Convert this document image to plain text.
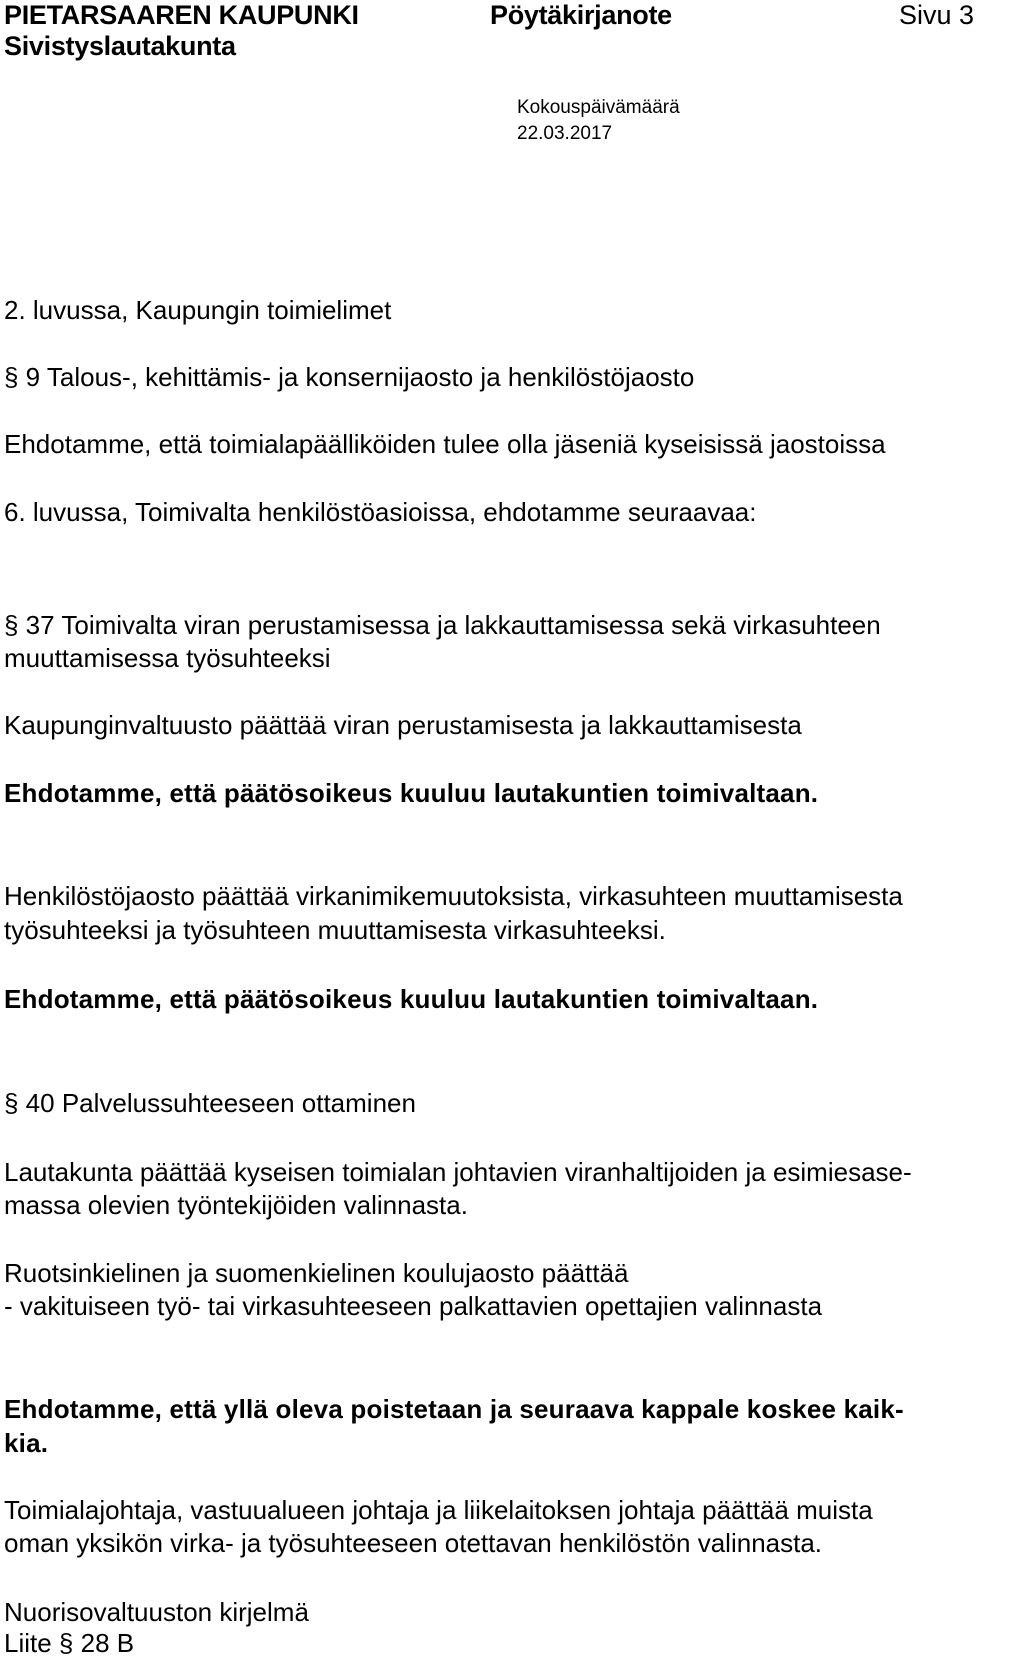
PIETARSAAREN KAUPUNKI
Sivistyslautakunta
Pöytäkirjanote	Sivu 3
Kokouspäivämäärä
22.03.2017
2. luvussa, Kaupungin toimielimet
§ 9 Talous-, kehittämis- ja konsernijaosto ja henkilöstöjaosto
Ehdotamme, että toimialapäälliköiden tulee olla jäseniä kyseisissä jaostoissa
6. luvussa, Toimivalta henkilöstöasioissa, ehdotamme seuraavaa:
§ 37 Toimivalta viran perustamisessa ja lakkauttamisessa sekä virkasuhteen
muuttamisessa työsuhteeksi
Kaupunginvaltuusto päättää viran perustamisesta ja lakkauttamisesta
Ehdotamme, että päätösoikeus kuuluu lautakuntien toimivaltaan.
Henkilöstöjaosto päättää virkanimikemuutoksista, virkasuhteen muuttamisesta
työsuhteeksi ja työsuhteen muuttamisesta virkasuhteeksi.
Ehdotamme, että päätösoikeus kuuluu lautakuntien toimivaltaan.
§ 40 Palvelussuhteeseen ottaminen
Lautakunta päättää kyseisen toimialan johtavien viranhaltijoiden ja esimiesase-
massa olevien työntekijöiden valinnasta.
Ruotsinkielinen ja suomenkielinen koulujaosto päättää
- vakituiseen työ- tai virkasuhteeseen palkattavien opettajien valinnasta
Ehdotamme, että yllä oleva poistetaan ja seuraava kappale koskee kaik-
kia.
Toimialajohtaja, vastuualueen johtaja ja liikelaitoksen johtaja päättää muista
oman yksikön virka- ja työsuhteeseen otettavan henkilöstön valinnasta.
Nuorisovaltuuston kirjelmä
Liite § 28 B
